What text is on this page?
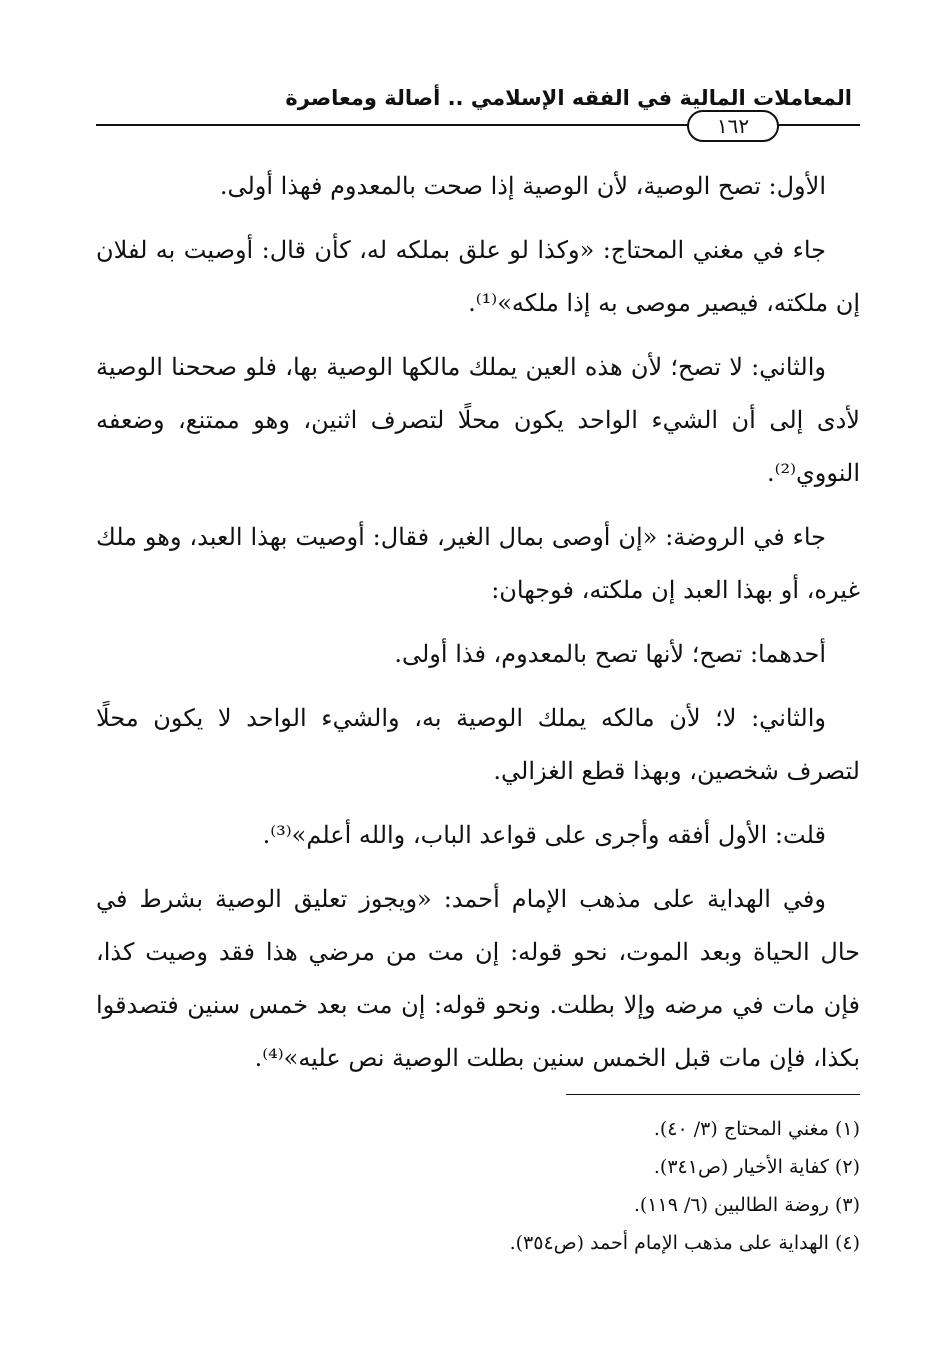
المعاملات المالية في الفقه الإسلامي .. أصالة ومعاصرة
١٦٢

الأول: تصح الوصية، لأن الوصية إذا صحت بالمعدوم فهذا أولى.

جاء في مغني المحتاج: «وكذا لو علق بملكه له، كأن قال: أوصيت به لفلان إن ملكته، فيصير موصى به إذا ملكه»⁽¹⁾.

والثاني: لا تصح؛ لأن هذه العين يملك مالكها الوصية بها، فلو صححنا الوصية لأدى إلى أن الشيء الواحد يكون محلًا لتصرف اثنين، وهو ممتنع، وضعفه النووي⁽²⁾.

جاء في الروضة: «إن أوصى بمال الغير، فقال: أوصيت بهذا العبد، وهو ملك غيره، أو بهذا العبد إن ملكته، فوجهان:

أحدهما: تصح؛ لأنها تصح بالمعدوم، فذا أولى.

والثاني: لا؛ لأن مالكه يملك الوصية به، والشيء الواحد لا يكون محلًا لتصرف شخصين، وبهذا قطع الغزالي.

قلت: الأول أفقه وأجرى على قواعد الباب، والله أعلم»⁽³⁾.

وفي الهداية على مذهب الإمام أحمد: «ويجوز تعليق الوصية بشرط في حال الحياة وبعد الموت، نحو قوله: إن مت من مرضي هذا فقد وصيت كذا، فإن مات في مرضه وإلا بطلت. ونحو قوله: إن مت بعد خمس سنين فتصدقوا بكذا، فإن مات قبل الخمس سنين بطلت الوصية نص عليه»⁽⁴⁾.

(١) مغني المحتاج (٣/ ٤٠).
(٢) كفاية الأخيار (ص٣٤١).
(٣) روضة الطالبين (٦/ ١١٩).
(٤) الهداية على مذهب الإمام أحمد (ص٣٥٤).
